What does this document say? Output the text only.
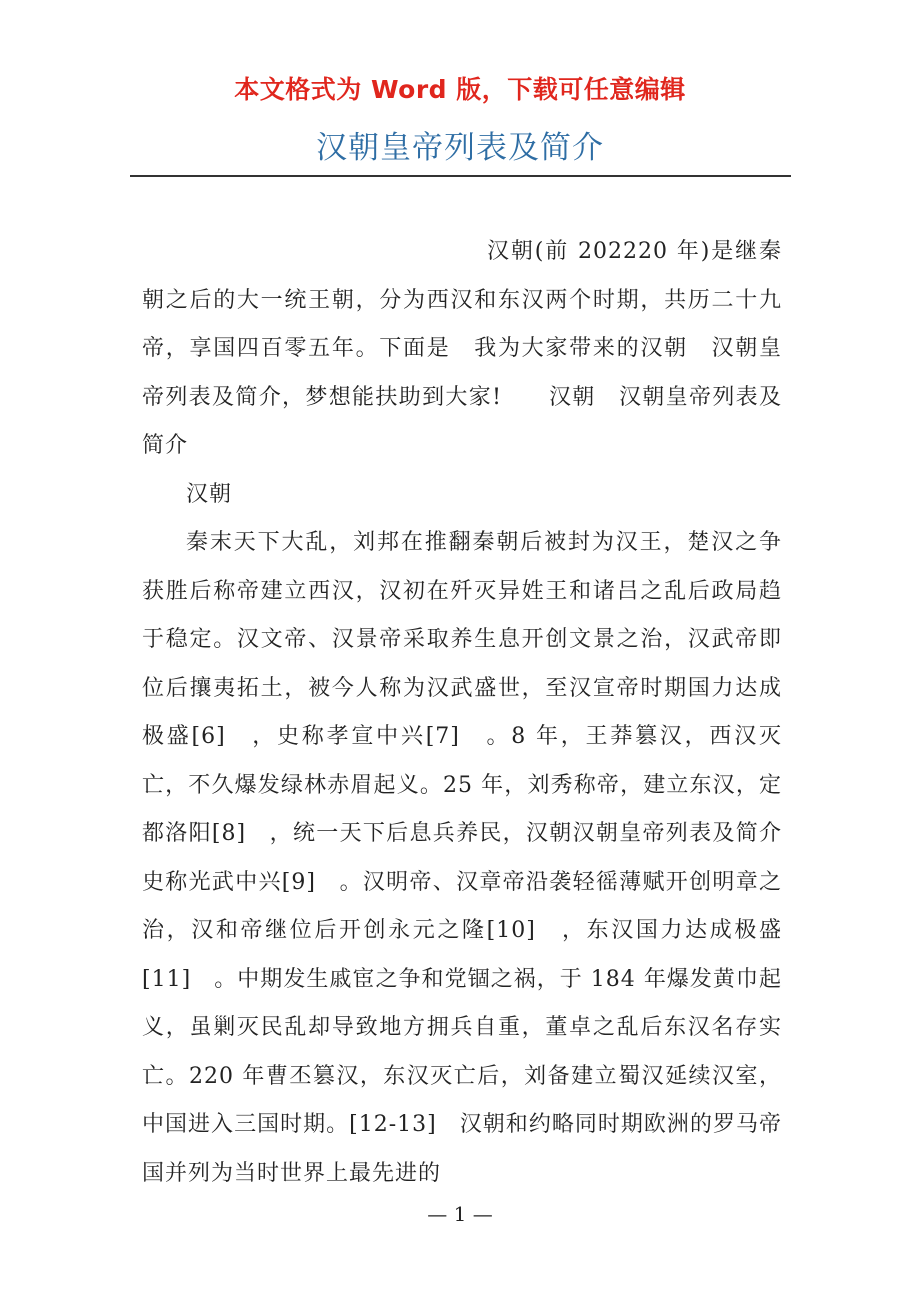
本文格式为 Word 版，下载可任意编辑
汉朝皇帝列表及简介

汉朝(前 202220 年)是继秦朝之后的大一统王朝，分为西汉和东汉两个时期，共历二十九帝，享国四百零五年。下面是　我为大家带来的汉朝　汉朝皇帝列表及简介，梦想能扶助到大家!　　汉朝　汉朝皇帝列表及简介

汉朝

秦末天下大乱，刘邦在推翻秦朝后被封为汉王，楚汉之争获胜后称帝建立西汉，汉初在歼灭异姓王和诸吕之乱后政局趋于稳定。汉文帝、汉景帝采取养生息开创文景之治，汉武帝即位后攘夷拓土，被今人称为汉武盛世，至汉宣帝时期国力达成极盛[6]　，史称孝宣中兴[7]　。8 年，王莽篡汉，西汉灭亡，不久爆发绿林赤眉起义。25 年，刘秀称帝，建立东汉，定都洛阳[8]　，统一天下后息兵养民，汉朝汉朝皇帝列表及简介史称光武中兴[9]　。汉明帝、汉章帝沿袭轻徭薄赋开创明章之治，汉和帝继位后开创永元之隆[10]　，东汉国力达成极盛[11]　。中期发生戚宦之争和党锢之祸，于 184 年爆发黄巾起义，虽剿灭民乱却导致地方拥兵自重，董卓之乱后东汉名存实亡。220 年曹丕篡汉，东汉灭亡后，刘备建立蜀汉延续汉室，中国进入三国时期。[12-13]　汉朝和约略同时期欧洲的罗马帝国并列为当时世界上最先进的

— 1 —
